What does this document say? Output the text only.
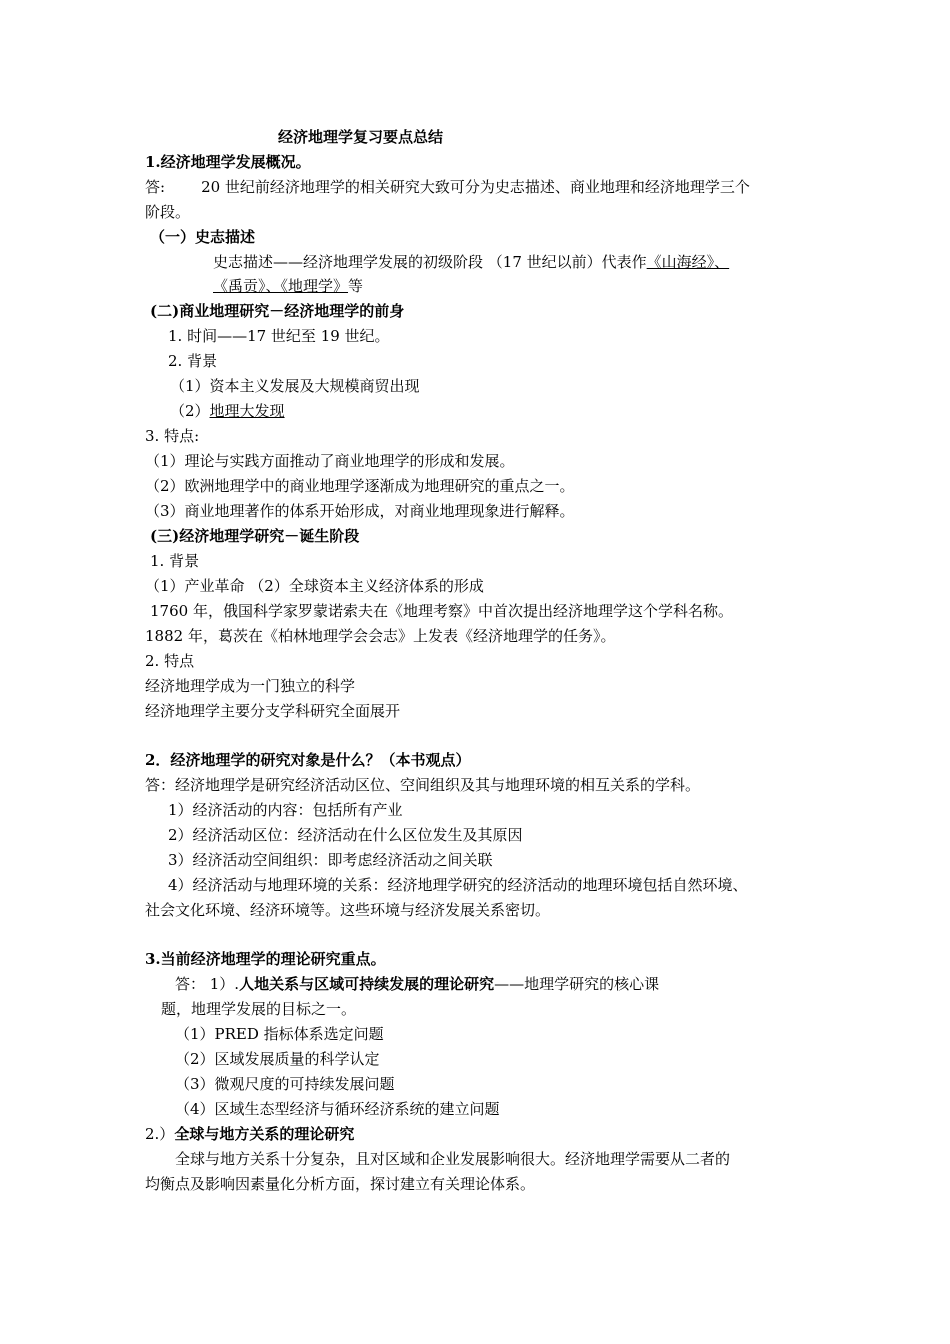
经济地理学复习要点总结
1.经济地理学发展概况。
答: 20 世纪前经济地理学的相关研究大致可分为史志描述、商业地理和经济地理学三个
阶段。
（一）史志描述
史志描述——经济地理学发展的初级阶段 （17 世纪以前）代表作《山海经》、
《禹贡》、《地理学》等
(二)商业地理研究－经济地理学的前身
1. 时间——17 世纪至 19 世纪。
2. 背景
（1）资本主义发展及大规模商贸出现
（2）地理大发现
3. 特点:
（1）理论与实践方面推动了商业地理学的形成和发展。
（2）欧洲地理学中的商业地理学逐渐成为地理研究的重点之一。
（3）商业地理著作的体系开始形成，对商业地理现象进行解释。
(三)经济地理学研究－诞生阶段
1. 背景
（1）产业革命 （2）全球资本主义经济体系的形成
1760 年，俄国科学家罗蒙诺索夫在《地理考察》中首次提出经济地理学这个学科名称。
1882 年，葛茨在《柏林地理学会会志》上发表《经济地理学的任务》。
2. 特点
经济地理学成为一门独立的科学
经济地理学主要分支学科研究全面展开
2．经济地理学的研究对象是什么？（本书观点）
答：经济地理学是研究经济活动区位、空间组织及其与地理环境的相互关系的学科。
1）经济活动的内容：包括所有产业
2）经济活动区位：经济活动在什么区位发生及其原因
3）经济活动空间组织：即考虑经济活动之间关联
4）经济活动与地理环境的关系：经济地理学研究的经济活动的地理环境包括自然环境、
社会文化环境、经济环境等。这些环境与经济发展关系密切。
3.当前经济地理学的理论研究重点。
答： 1）.人地关系与区域可持续发展的理论研究——地理学研究的核心课
题，地理学发展的目标之一。
（1）PRED 指标体系选定问题
（2）区域发展质量的科学认定
（3）微观尺度的可持续发展问题
（4）区域生态型经济与循环经济系统的建立问题
2.）全球与地方关系的理论研究
全球与地方关系十分复杂，且对区域和企业发展影响很大。经济地理学需要从二者的
均衡点及影响因素量化分析方面，探讨建立有关理论体系。
